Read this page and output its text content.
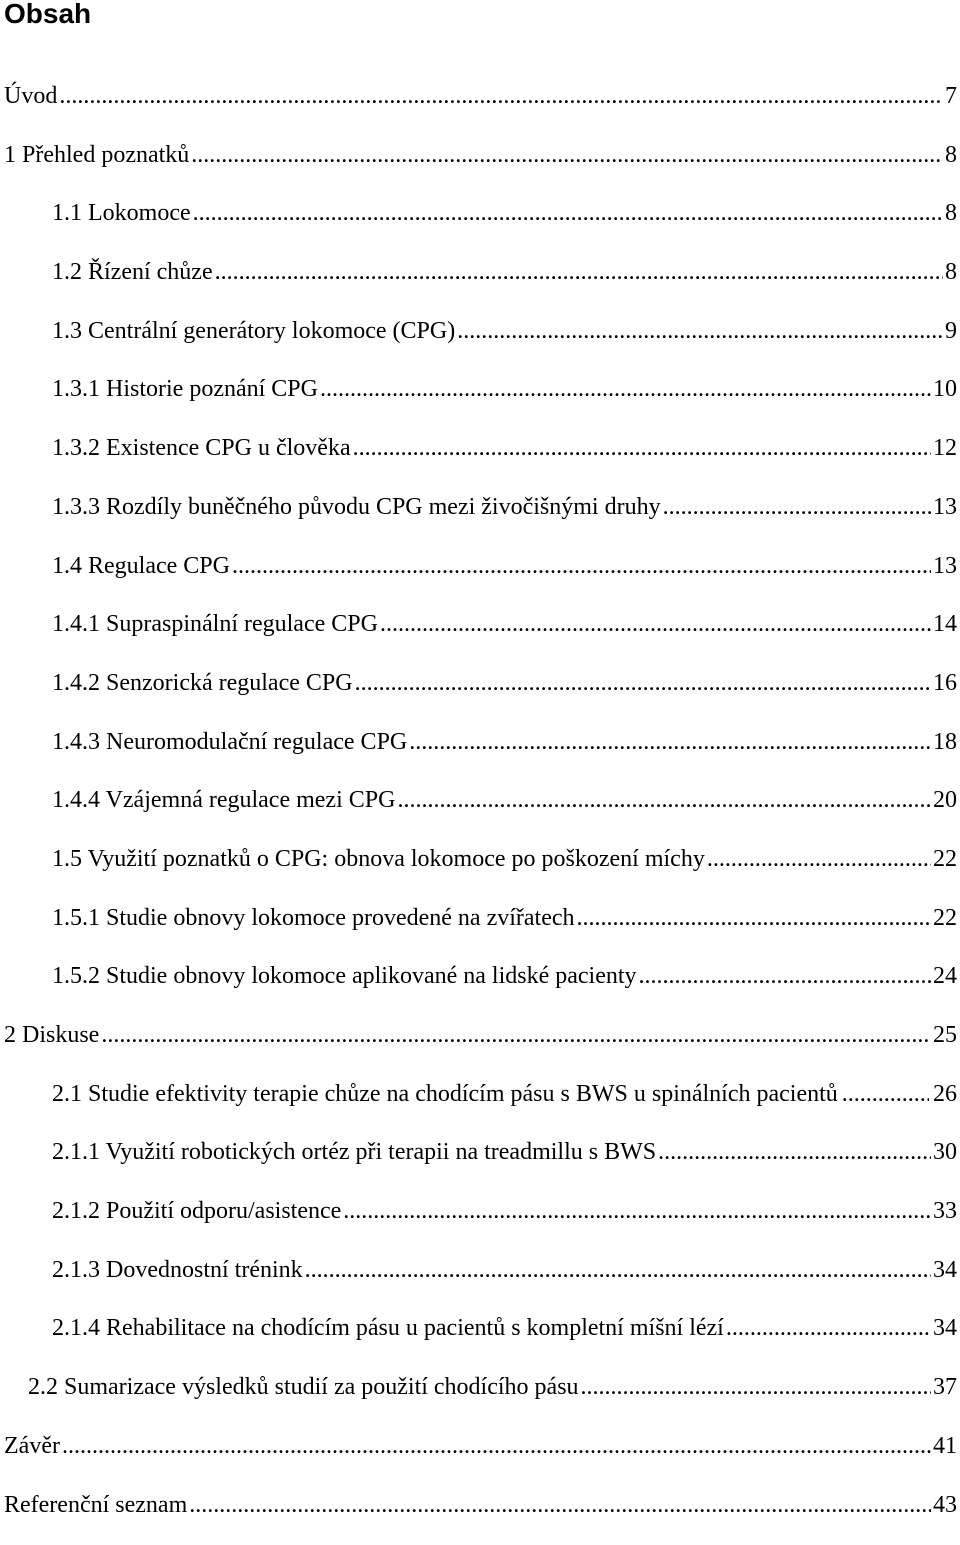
Obsah
Úvod .....	7
1 Přehled poznatků .....	8
1.1 Lokomoce .....	8
1.2 Řízení chůze .....	8
1.3 Centrální generátory lokomoce (CPG) .....	9
1.3.1 Historie poznání CPG .....	10
1.3.2 Existence CPG u člověka .....	12
1.3.3 Rozdíly buněčného původu CPG mezi živočišnými druhy .....	13
1.4 Regulace CPG .....	13
1.4.1 Supraspinální regulace CPG .....	14
1.4.2 Senzorická regulace CPG .....	16
1.4.3 Neuromodulační regulace CPG .....	18
1.4.4 Vzájemná regulace mezi CPG .....	20
1.5 Využití poznatků o CPG: obnova lokomoce po poškození míchy .....	22
1.5.1 Studie obnovy lokomoce provedené na zvířatech .....	22
1.5.2 Studie obnovy lokomoce aplikované na lidské pacienty .....	24
2 Diskuse .....	25
2.1 Studie efektivity terapie chůze na chodícím pásu s BWS u spinálních pacientů .....	26
2.1.1 Využití robotických ortéz při terapii na treadmillu s BWS .....	30
2.1.2 Použití odporu/asistence .....	33
2.1.3 Dovednostní trénink .....	34
2.1.4 Rehabilitace na chodícím pásu u pacientů s kompletní míšní lézí .....	34
2.2 Sumarizace výsledků studií za použití chodícího pásu .....	37
Závěr .....	41
Referenční seznam .....	43
